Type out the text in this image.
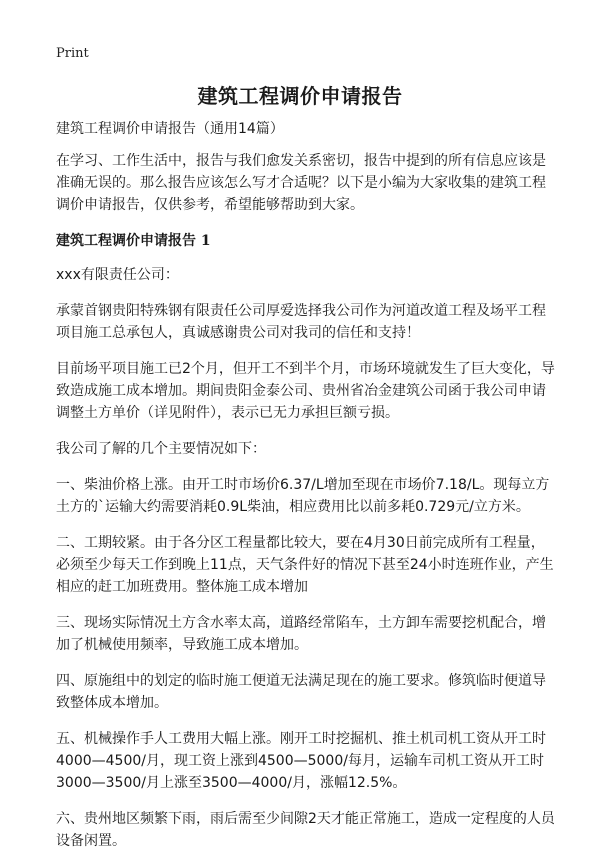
Print
建筑工程调价申请报告

建筑工程调价申请报告（通用14篇）

在学习、工作生活中，报告与我们愈发关系密切，报告中提到的所有信息应该是准确无误的。那么报告应该怎么写才合适呢？以下是小编为大家收集的建筑工程调价申请报告，仅供参考，希望能够帮助到大家。

建筑工程调价申请报告 1

xxx有限责任公司：

承蒙首钢贵阳特殊钢有限责任公司厚爱选择我公司作为河道改道工程及场平工程项目施工总承包人，真诚感谢贵公司对我司的信任和支持！

目前场平项目施工已2个月，但开工不到半个月，市场环境就发生了巨大变化，导致造成施工成本增加。期间贵阳金泰公司、贵州省冶金建筑公司函于我公司申请调整土方单价（详见附件），表示已无力承担巨额亏损。

我公司了解的几个主要情况如下：

一、柴油价格上涨。由开工时市场价6.37/L增加至现在市场价7.18/L。现每立方土方的`运输大约需要消耗0.9L柴油，相应费用比以前多耗0.729元/立方米。

二、工期较紧。由于各分区工程量都比较大，要在4月30日前完成所有工程量，必须至少每天工作到晚上11点，天气条件好的情况下甚至24小时连班作业，产生相应的赶工加班费用。整体施工成本增加

三、现场实际情况土方含水率太高，道路经常陷车，土方卸车需要挖机配合，增加了机械使用频率，导致施工成本增加。

四、原施组中的划定的临时施工便道无法满足现在的施工要求。修筑临时便道导致整体成本增加。

五、机械操作手人工费用大幅上涨。刚开工时挖掘机、推土机司机工资从开工时4000—4500/月，现工资上涨到4500—5000/每月，运输车司机工资从开工时3000—3500/月上涨至3500—4000/月，涨幅12.5%。

六、贵州地区频繁下雨，雨后需至少间隙2天才能正常施工，造成一定程度的人员设备闲置。
